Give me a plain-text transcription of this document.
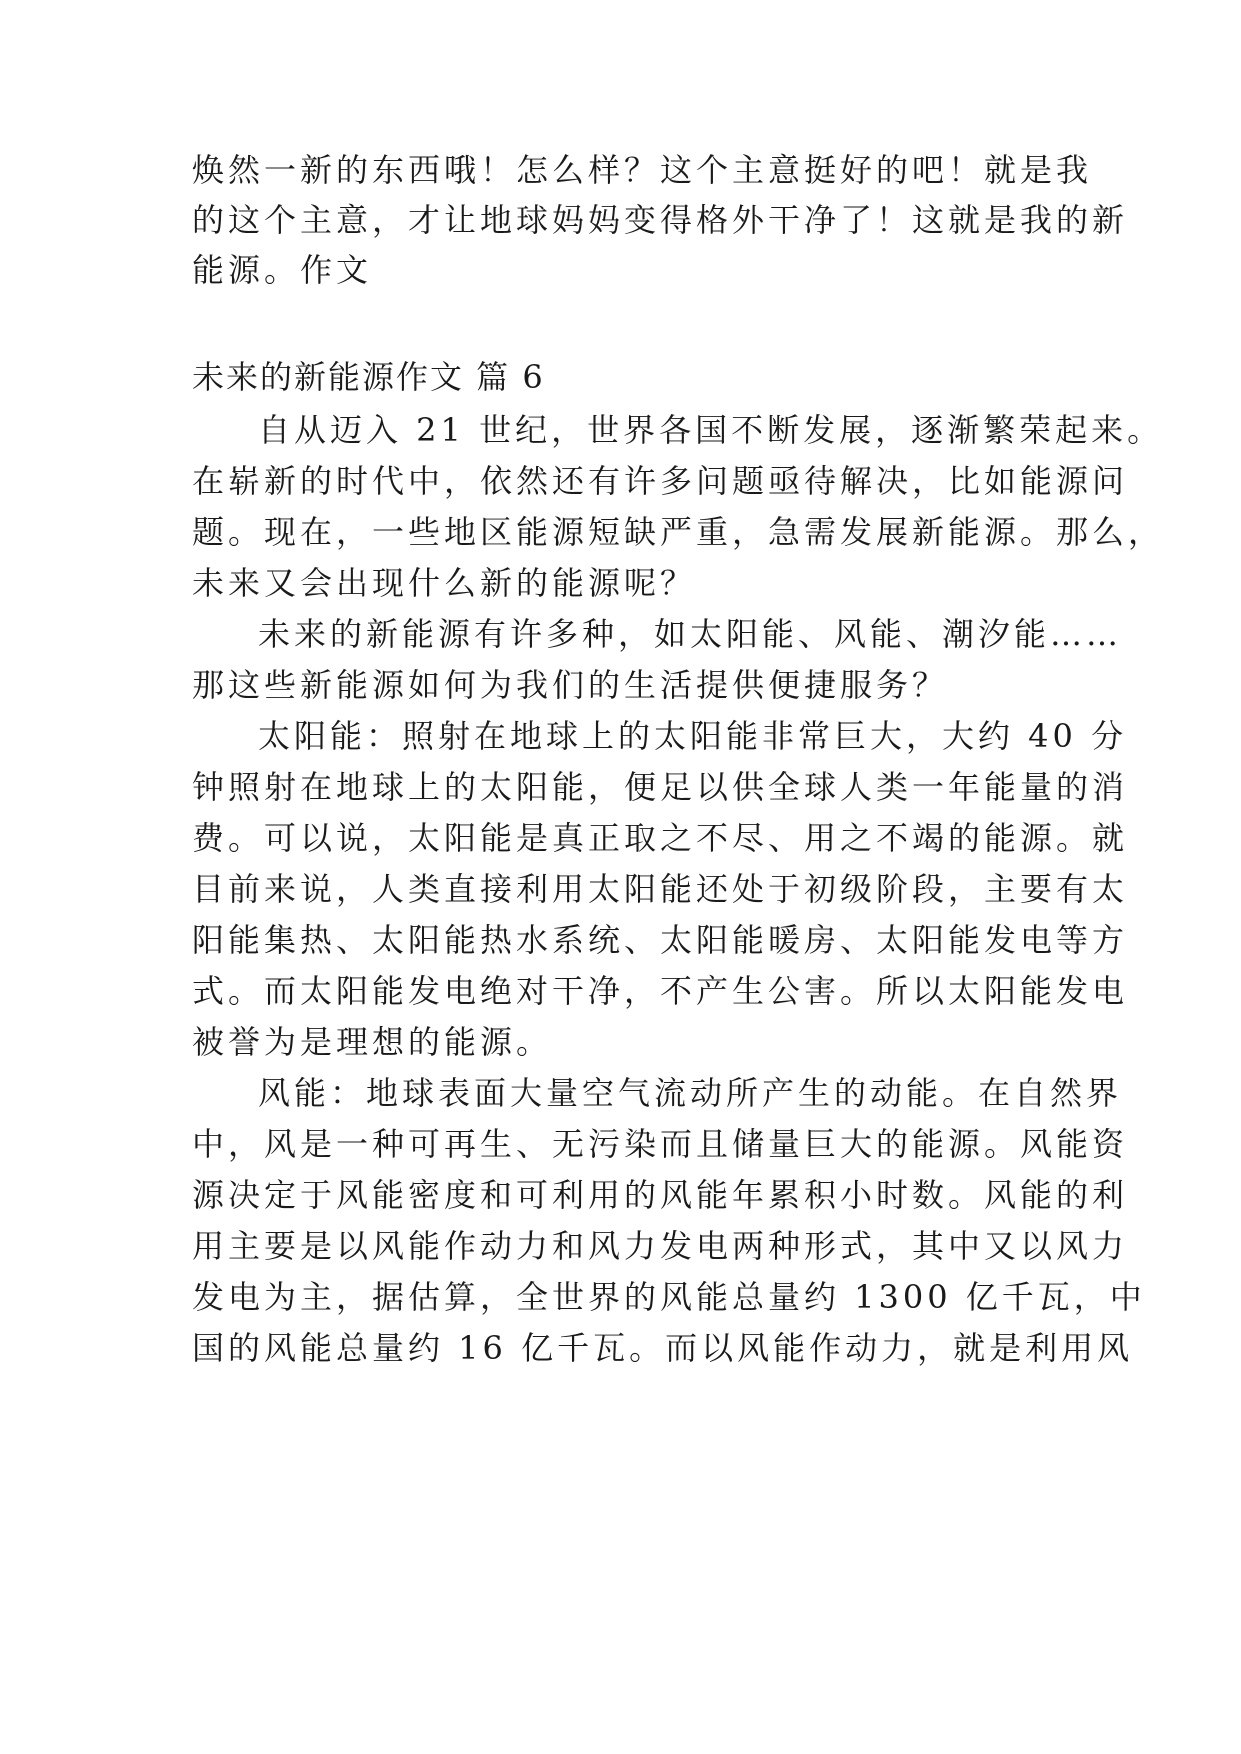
焕然一新的东西哦！怎么样？这个主意挺好的吧！就是我
的这个主意，才让地球妈妈变得格外干净了！这就是我的新
能源。作文
未来的新能源作文 篇 6
自从迈入 21 世纪，世界各国不断发展，逐渐繁荣起来。
在崭新的时代中，依然还有许多问题亟待解决，比如能源问
题。现在，一些地区能源短缺严重，急需发展新能源。那么，
未来又会出现什么新的能源呢？
未来的新能源有许多种，如太阳能、风能、潮汐能……
那这些新能源如何为我们的生活提供便捷服务？
太阳能：照射在地球上的太阳能非常巨大，大约 40 分
钟照射在地球上的太阳能，便足以供全球人类一年能量的消
费。可以说，太阳能是真正取之不尽、用之不竭的能源。就
目前来说，人类直接利用太阳能还处于初级阶段，主要有太
阳能集热、太阳能热水系统、太阳能暖房、太阳能发电等方
式。而太阳能发电绝对干净，不产生公害。所以太阳能发电
被誉为是理想的能源。
风能：地球表面大量空气流动所产生的动能。在自然界
中，风是一种可再生、无污染而且储量巨大的能源。风能资
源决定于风能密度和可利用的风能年累积小时数。风能的利
用主要是以风能作动力和风力发电两种形式，其中又以风力
发电为主，据估算，全世界的风能总量约 1300 亿千瓦，中
国的风能总量约 16 亿千瓦。而以风能作动力，就是利用风
